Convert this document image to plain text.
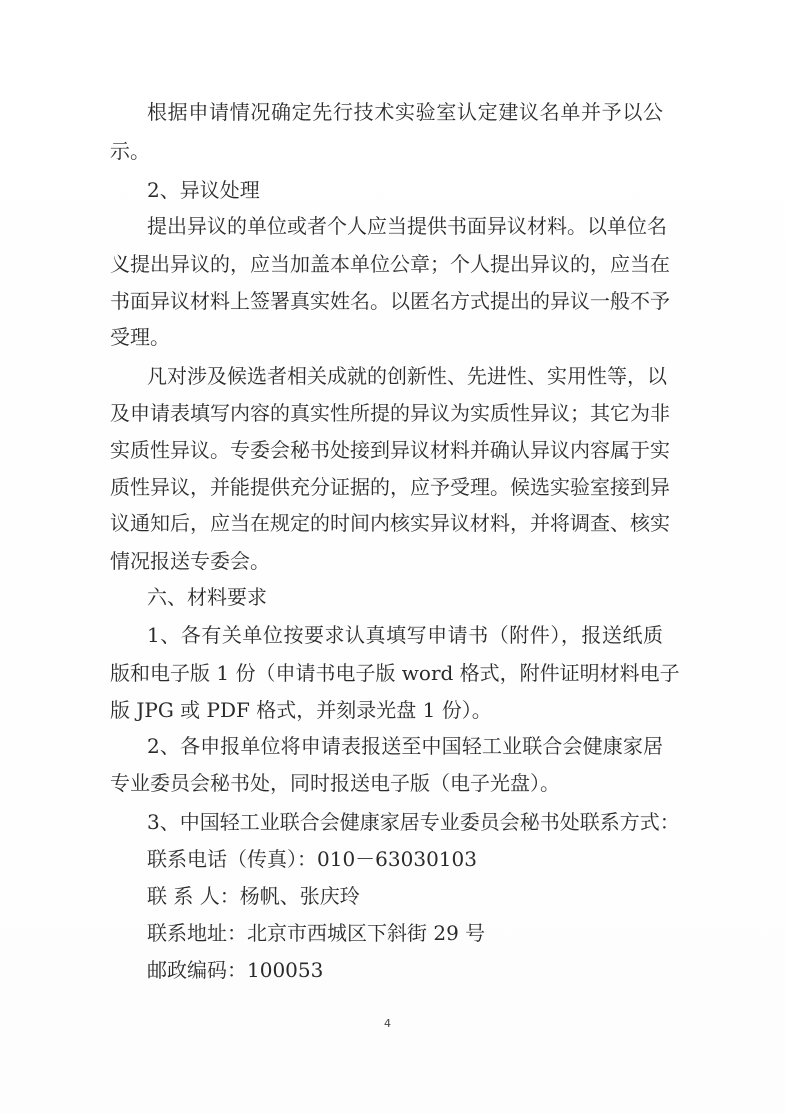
根据申请情况确定先行技术实验室认定建议名单并予以公
示。
2、异议处理
提出异议的单位或者个人应当提供书面异议材料。以单位名
义提出异议的，应当加盖本单位公章；个人提出异议的，应当在
书面异议材料上签署真实姓名。以匿名方式提出的异议一般不予
受理。
凡对涉及候选者相关成就的创新性、先进性、实用性等，以
及申请表填写内容的真实性所提的异议为实质性异议；其它为非
实质性异议。专委会秘书处接到异议材料并确认异议内容属于实
质性异议，并能提供充分证据的，应予受理。候选实验室接到异
议通知后，应当在规定的时间内核实异议材料，并将调查、核实
情况报送专委会。
六、材料要求
1、各有关单位按要求认真填写申请书（附件），报送纸质
版和电子版 1 份（申请书电子版 word 格式，附件证明材料电子
版 JPG 或 PDF 格式，并刻录光盘 1 份）。
2、各申报单位将申请表报送至中国轻工业联合会健康家居
专业委员会秘书处，同时报送电子版（电子光盘）。
3、中国轻工业联合会健康家居专业委员会秘书处联系方式：
联系电话（传真）：010－63030103
联 系 人：杨帆、张庆玲
联系地址：北京市西城区下斜街 29 号
邮政编码：100053
4
